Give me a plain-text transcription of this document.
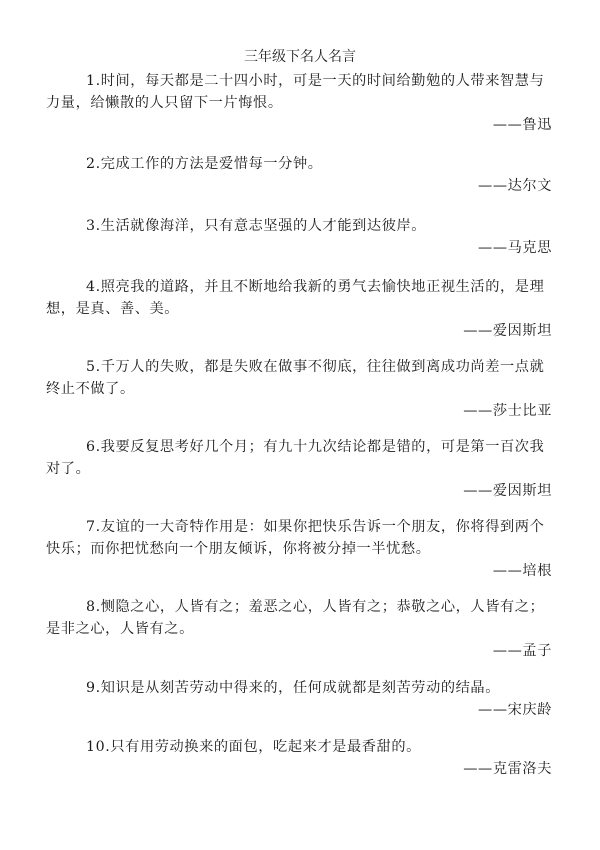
三年级下名人名言

1.时间，每天都是二十四小时，可是一天的时间给勤勉的人带来智慧与力量，给懒散的人只留下一片悔恨。

——鲁迅

2.完成工作的方法是爱惜每一分钟。

——达尔文

3.生活就像海洋，只有意志坚强的人才能到达彼岸。

——马克思

4.照亮我的道路，并且不断地给我新的勇气去愉快地正视生活的，是理想，是真、善、美。

——爱因斯坦

5.千万人的失败，都是失败在做事不彻底，往往做到离成功尚差一点就终止不做了。

——莎士比亚

6.我要反复思考好几个月；有九十九次结论都是错的，可是第一百次我对了。

——爱因斯坦

7.友谊的一大奇特作用是：如果你把快乐告诉一个朋友，你将得到两个快乐；而你把忧愁向一个朋友倾诉，你将被分掉一半忧愁。

——培根

8.恻隐之心，人皆有之；羞恶之心，人皆有之；恭敬之心，人皆有之；是非之心，人皆有之。

——孟子

9.知识是从刻苦劳动中得来的，任何成就都是刻苦劳动的结晶。

——宋庆龄

10.只有用劳动换来的面包，吃起来才是最香甜的。

——克雷洛夫
